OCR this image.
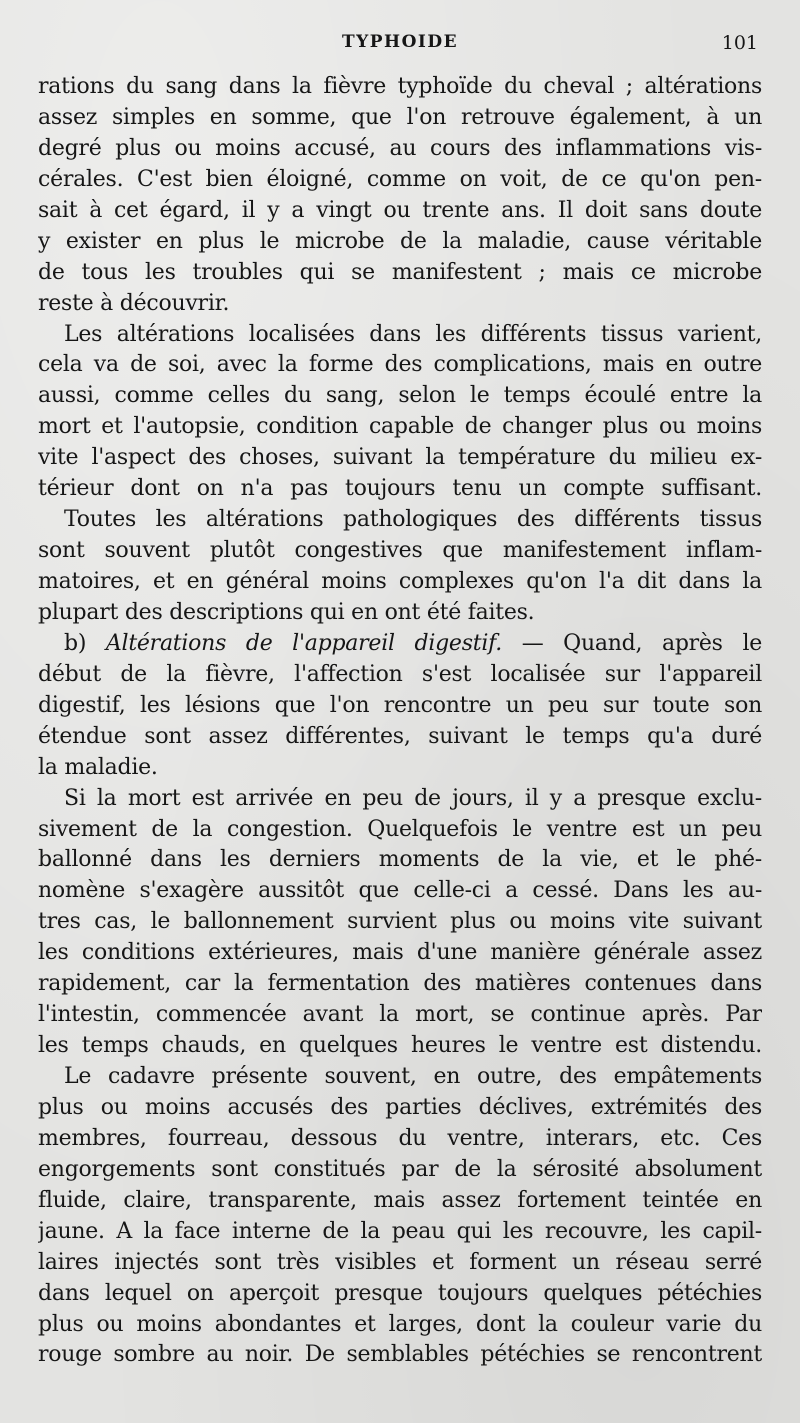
TYPHOIDE	101
rations du sang dans la fièvre typhoïde du cheval ; altérations
assez simples en somme, que l'on retrouve également, à un
degré plus ou moins accusé, au cours des inflammations vis-
cérales. C'est bien éloigné, comme on voit, de ce qu'on pen-
sait à cet égard, il y a vingt ou trente ans. Il doit sans doute
y exister en plus le microbe de la maladie, cause véritable
de tous les troubles qui se manifestent ; mais ce microbe
reste à découvrir.
Les altérations localisées dans les différents tissus varient,
cela va de soi, avec la forme des complications, mais en outre
aussi, comme celles du sang, selon le temps écoulé entre la
mort et l'autopsie, condition capable de changer plus ou moins
vite l'aspect des choses, suivant la température du milieu ex-
térieur dont on n'a pas toujours tenu un compte suffisant.
Toutes les altérations pathologiques des différents tissus
sont souvent plutôt congestives que manifestement inflam-
matoires, et en général moins complexes qu'on l'a dit dans la
plupart des descriptions qui en ont été faites.
b) Altérations de l'appareil digestif. — Quand, après le
début de la fièvre, l'affection s'est localisée sur l'appareil
digestif, les lésions que l'on rencontre un peu sur toute son
étendue sont assez différentes, suivant le temps qu'a duré
la maladie.
Si la mort est arrivée en peu de jours, il y a presque exclu-
sivement de la congestion. Quelquefois le ventre est un peu
ballonné dans les derniers moments de la vie, et le phé-
nomène s'exagère aussitôt que celle-ci a cessé. Dans les au-
tres cas, le ballonnement survient plus ou moins vite suivant
les conditions extérieures, mais d'une manière générale assez
rapidement, car la fermentation des matières contenues dans
l'intestin, commencée avant la mort, se continue après. Par
les temps chauds, en quelques heures le ventre est distendu.
Le cadavre présente souvent, en outre, des empâtements
plus ou moins accusés des parties déclives, extrémités des
membres, fourreau, dessous du ventre, interars, etc. Ces
engorgements sont constitués par de la sérosité absolument
fluide, claire, transparente, mais assez fortement teintée en
jaune. A la face interne de la peau qui les recouvre, les capil-
laires injectés sont très visibles et forment un réseau serré
dans lequel on aperçoit presque toujours quelques pétéchies
plus ou moins abondantes et larges, dont la couleur varie du
rouge sombre au noir. De semblables pétéchies se rencontrent
